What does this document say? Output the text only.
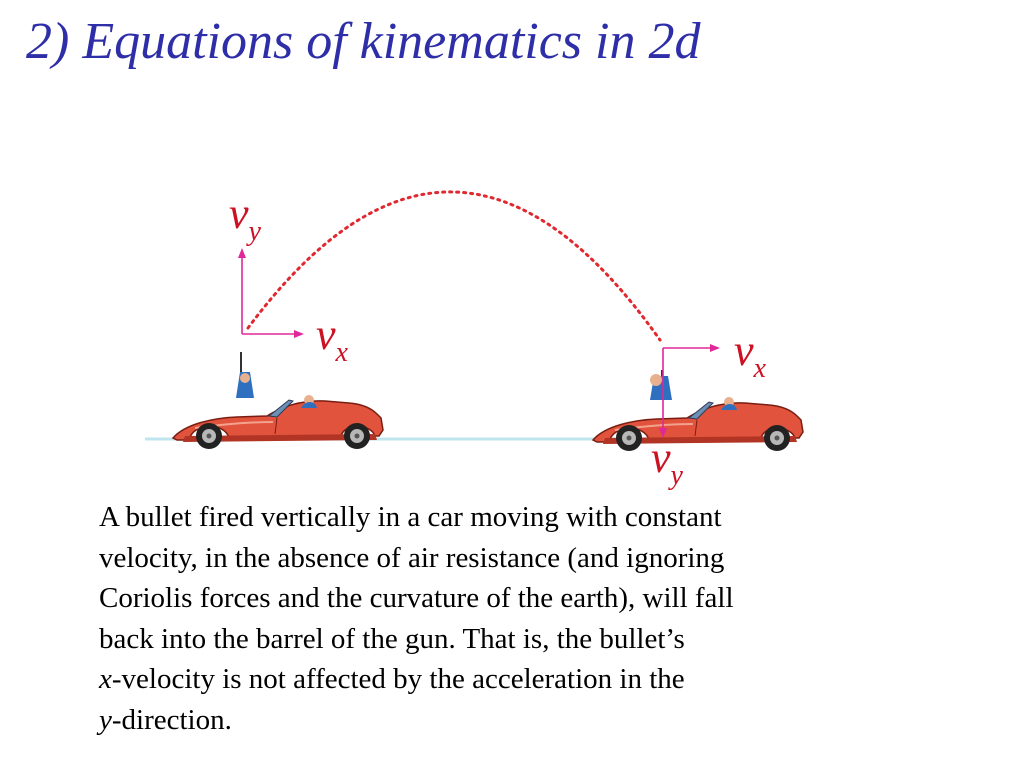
2) Equations of kinematics in 2d
vy
vx	vx
vy
A bullet fired vertically in a car moving with constant
velocity, in the absence of air resistance (and ignoring
Coriolis forces and the curvature of the earth), will fall
back into the barrel of the gun. That is, the bullet’s
x-velocity is not affected by the acceleration in the
y-direction.
